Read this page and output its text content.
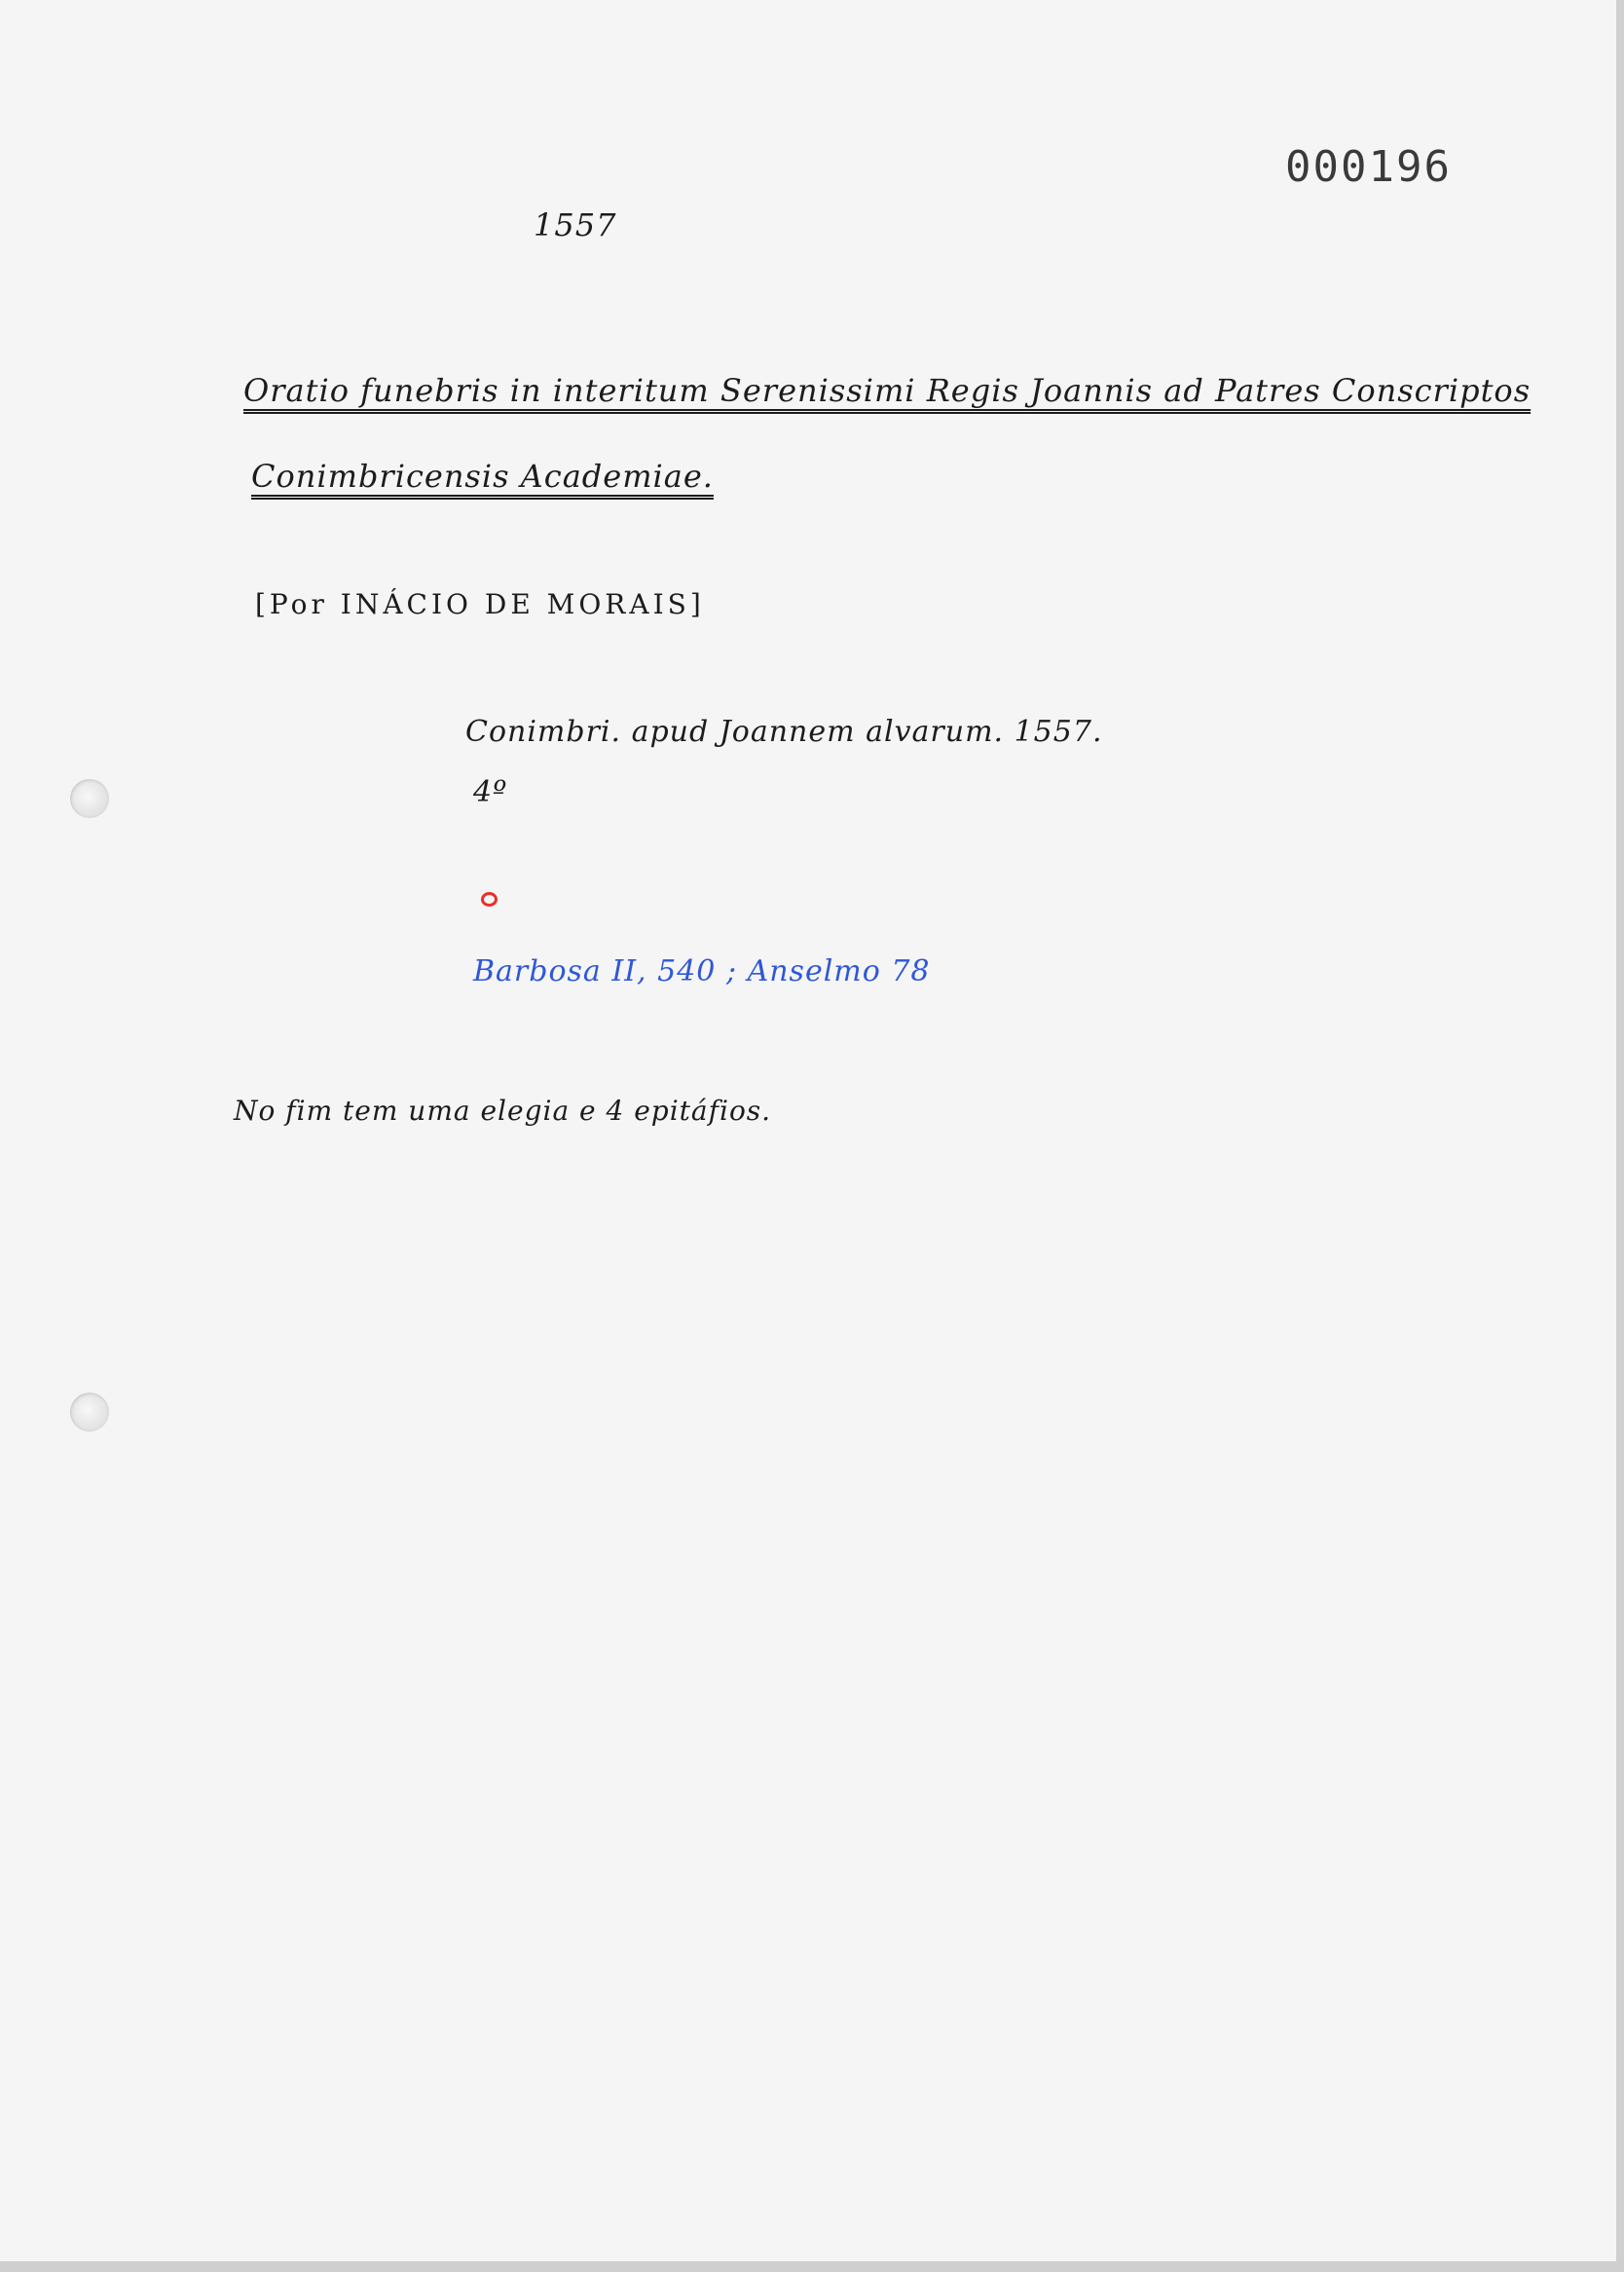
000196
1557
Oratio funebris in interitum Serenissimi Regis Joannis ad Patres Conscriptos
Conimbricensis Academiae.
[Por INÁCIO DE MORAIS]
Conimbri. apud Joannem alvarum. 1557.
4º
Barbosa II, 540 ; Anselmo 78
No fim tem uma elegia e 4 epitáfios.
